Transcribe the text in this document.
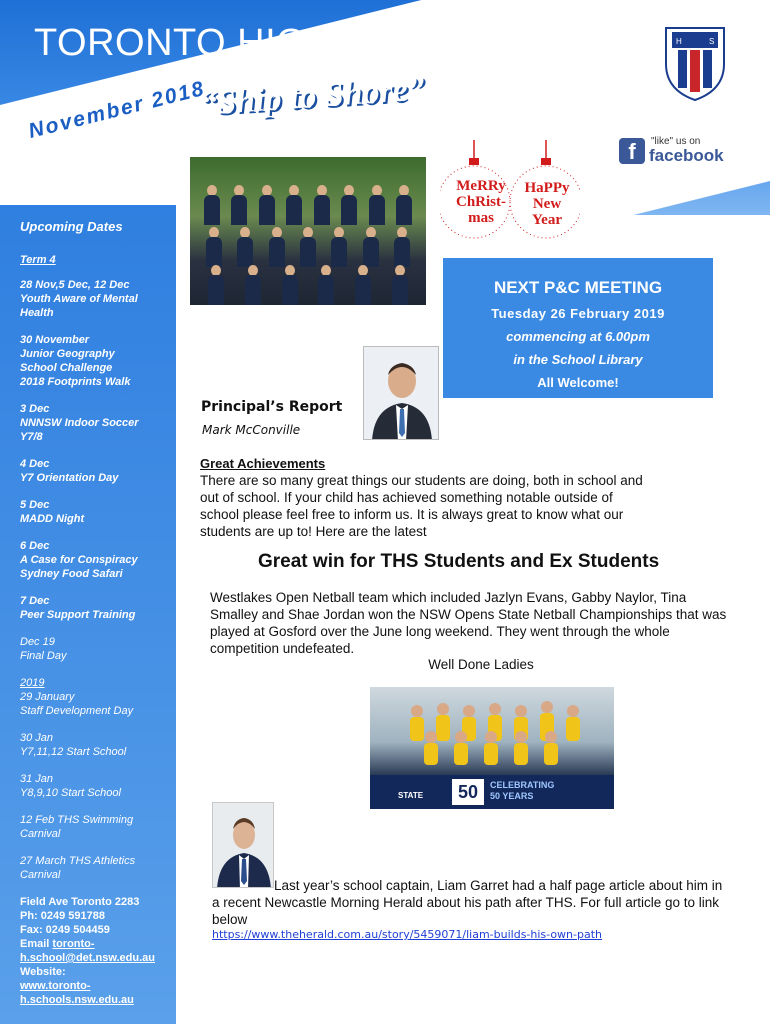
TORONTO HIGH SCHOOL
“Ship to Shore”
November 2018
H	S
f	"like" us on
facebook
Upcoming Dates
Term 4
28 Nov,5 Dec, 12 Dec
Youth Aware of Mental
Health
30 November
Junior Geography
School Challenge
2018 Footprints Walk
3 Dec
NNNSW Indoor Soccer
Y7/8
4 Dec
Y7 Orientation Day
5 Dec
MADD Night
6 Dec
A Case for Conspiracy
Sydney Food Safari
7 Dec
Peer Support Training
Dec 19
Final Day
2019
29 January
Staff Development Day
30 Jan
Y7,11,12 Start School
31 Jan
Y8,9,10 Start School
12 Feb THS Swimming
Carnival
27 March THS Athletics
Carnival
Field Ave Toronto 2283
Ph: 0249 591788
Fax: 0249 504459
Email toronto-h.school@det.nsw.edu.au
Website:
www.toronto-h.schools.nsw.edu.au
MeRRy
ChRist-
mas
HaPPy
New
Year
NEXT P&C MEETING
Tuesday 26 February 2019
commencing at 6.00pm
in the School Library
All Welcome!
Principal’s Report
Mark McConville
Great Achievements
There are so many great things our students are doing, both in school and out of school. If your child has achieved something notable outside of school please feel free to inform us. It is always great to know what our students are up to! Here are the latest
Great win for THS Students and Ex Students
Westlakes Open Netball team which included Jazlyn Evans, Gabby Naylor, Tina Smalley and Shae Jordan won the NSW Opens State Netball Championships that was played at Gosford over the June long weekend. They went through the whole competition undefeated.
Well Done Ladies
STATE	50	CELEBRATING
50 YEARS
Last year’s school captain, Liam Garret had a half page article about him in a recent Newcastle Morning Herald about his path after THS. For full article go to link below
https://www.theherald.com.au/story/5459071/liam-builds-his-own-path
